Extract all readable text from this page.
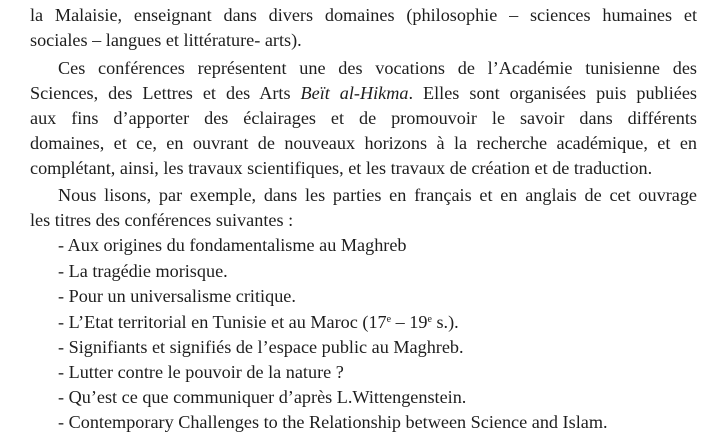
la Malaisie, enseignant dans divers domaines (philosophie – sciences humaines et
sociales – langues et littérature- arts).
Ces conférences représentent une des vocations de l’Académie tunisienne des
Sciences, des Lettres et des Arts Beït al-Hikma. Elles sont organisées puis publiées
aux fins d’apporter des éclairages et de promouvoir le savoir dans différents
domaines, et ce, en ouvrant de nouveaux horizons à la recherche académique, et en
complétant, ainsi, les travaux scientifiques, et les travaux de création et de traduction.
Nous lisons, par exemple, dans les parties en français et en anglais de cet ouvrage
les titres des conférences suivantes :
- Aux origines du fondamentalisme au Maghreb
- La tragédie morisque.
- Pour un universalisme critique.
- L’Etat territorial en Tunisie et au Maroc (17e – 19e s.).
- Signifiants et signifiés de l’espace public au Maghreb.
- Lutter contre le pouvoir de la nature ?
- Qu’est ce que communiquer d’après L.Wittengenstein.
- Contemporary Challenges to the Relationship between Science and Islam.
